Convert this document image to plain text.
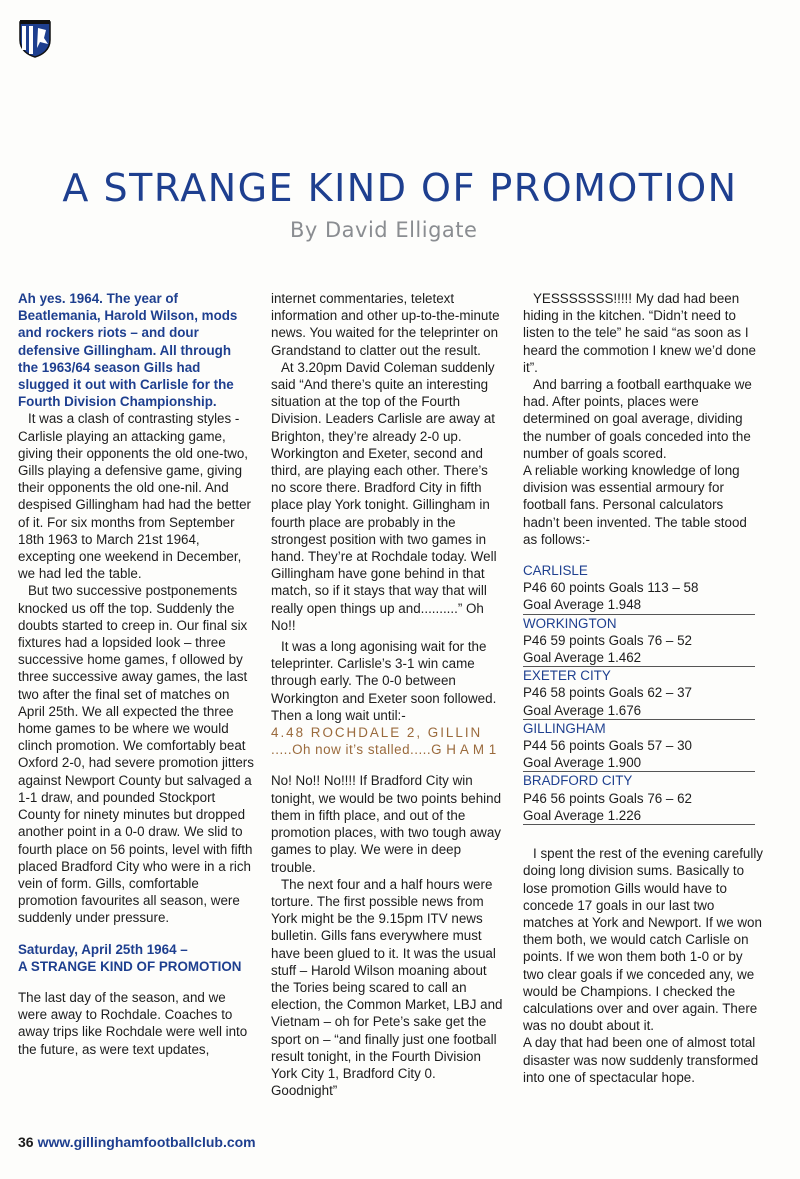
A STRANGE KIND OF PROMOTION
By David Elligate

Ah yes. 1964. The year of Beatlemania, Harold Wilson, mods and rockers riots – and dour defensive Gillingham. All through the 1963/64 season Gills had slugged it out with Carlisle for the Fourth Division Championship.

It was a clash of contrasting styles - Carlisle playing an attacking game, giving their opponents the old one-two, Gills playing a defensive game, giving their opponents the old one-nil. And despised Gillingham had had the better of it. For six months from September 18th 1963 to March 21st 1964, excepting one weekend in December, we had led the table.

But two successive postponements knocked us off the top. Suddenly the doubts started to creep in. Our final six fixtures had a lopsided look – three successive home games, f ollowed by three successive away games, the last two after the final set of matches on April 25th. We all expected the three home games to be where we would clinch promotion. We comfortably beat Oxford 2-0, had severe promotion jitters against Newport County but salvaged a 1-1 draw, and pounded Stockport County for ninety minutes but dropped another point in a 0-0 draw. We slid to fourth place on 56 points, level with fifth placed Bradford City who were in a rich vein of form. Gills, comfortable promotion favourites all season, were suddenly under pressure.

Saturday, April 25th 1964 –

A STRANGE KIND OF PROMOTION

The last day of the season, and we were away to Rochdale. Coaches to away trips like Rochdale were well into the future, as were text updates,

internet commentaries, teletext information and other up-to-the-minute news. You waited for the teleprinter on Grandstand to clatter out the result.

At 3.20pm David Coleman suddenly said “And there’s quite an interesting situation at the top of the Fourth Division. Leaders Carlisle are away at Brighton, they’re already 2-0 up. Workington and Exeter, second and third, are playing each other. There’s no score there. Bradford City in fifth place play York tonight. Gillingham in fourth place are probably in the strongest position with two games in hand. They’re at Rochdale today. Well Gillingham have gone behind in that match, so if it stays that way that will really open things up and..........” Oh No!!

It was a long agonising wait for the teleprinter. Carlisle’s 3-1 win came through early. The 0-0 between Workington and Exeter soon followed. Then a long wait until:-

4.48 ROCHDALE 2, GILLIN

.....Oh now it’s stalled.....G H A M 1

No! No!! No!!!! If Bradford City win tonight, we would be two points behind them in fifth place, and out of the promotion places, with two tough away games to play. We were in deep trouble.

The next four and a half hours were torture. The first possible news from York might be the 9.15pm ITV news bulletin. Gills fans everywhere must have been glued to it. It was the usual stuff – Harold Wilson moaning about the Tories being scared to call an election, the Common Market, LBJ and Vietnam – oh for Pete’s sake get the sport on – “and finally just one football result tonight, in the Fourth Division York City 1, Bradford City 0. Goodnight”

YESSSSSSS!!!!! My dad had been hiding in the kitchen. “Didn’t need to listen to the tele” he said “as soon as I heard the commotion I knew we’d done it”.

And barring a football earthquake we had. After points, places were determined on goal average, dividing the number of goals conceded into the number of goals scored.

A reliable working knowledge of long division was essential armoury for football fans. Personal calculators hadn’t been invented. The table stood as follows:-

CARLISLE
P46 60 points Goals 113 – 58
Goal Average 1.948
WORKINGTON
P46 59 points Goals 76 – 52
Goal Average 1.462
EXETER CITY
P46 58 points Goals 62 – 37
Goal Average 1.676
GILLINGHAM
P44 56 points Goals 57 – 30
Goal Average 1.900
BRADFORD CITY
P46 56 points Goals 76 – 62
Goal Average 1.226

I spent the rest of the evening carefully doing long division sums. Basically to lose promotion Gills would have to concede 17 goals in our last two matches at York and Newport. If we won them both, we would catch Carlisle on points. If we won them both 1-0 or by two clear goals if we conceded any, we would be Champions. I checked the calculations over and over again. There was no doubt about it.

A day that had been one of almost total disaster was now suddenly transformed into one of spectacular hope.

36 www.gillinghamfootballclub.com
